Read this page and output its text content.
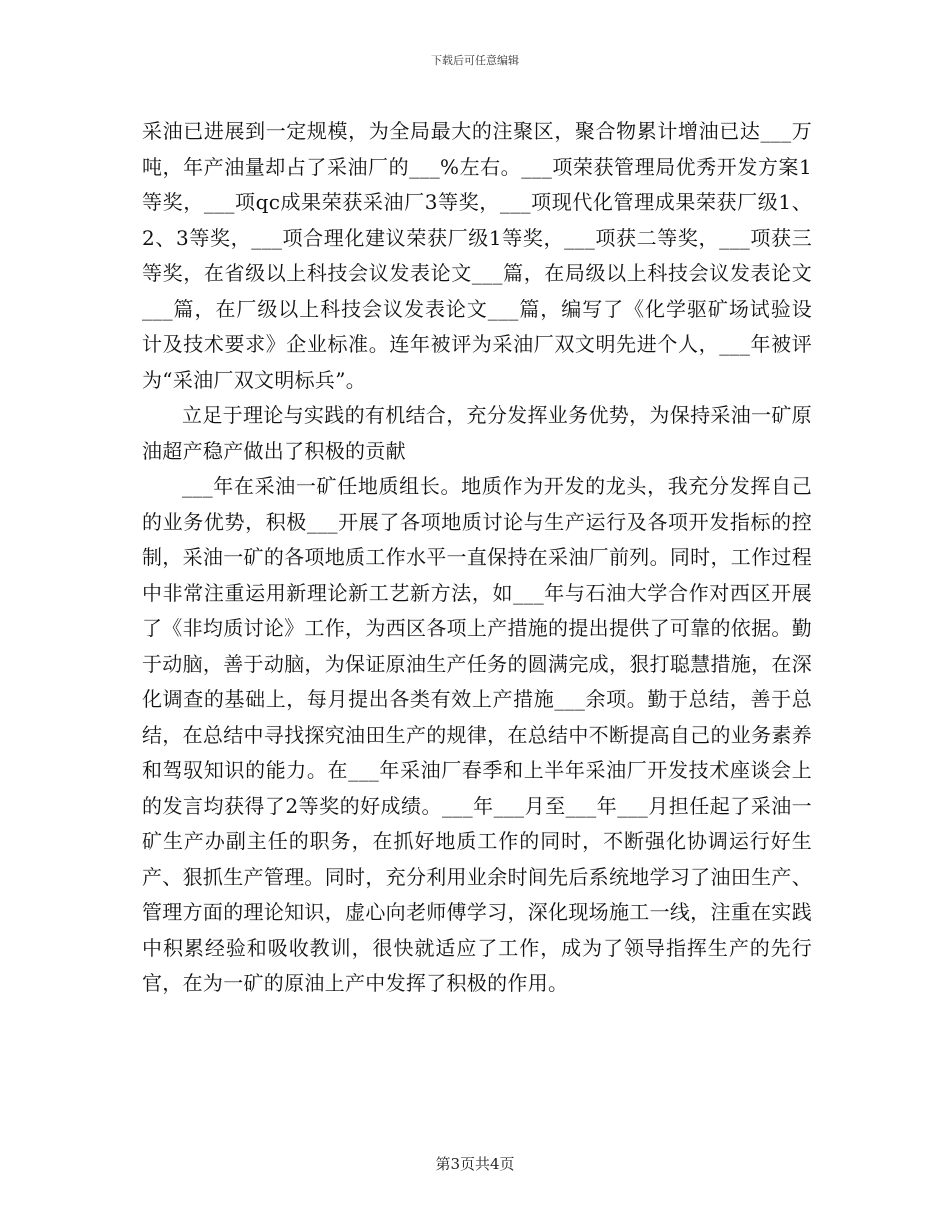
下载后可任意编辑

采油已进展到一定规模，为全局最大的注聚区，聚合物累计增油已达___万吨，年产油量却占了采油厂的___%左右。___项荣获管理局优秀开发方案1等奖，___项qc成果荣获采油厂3等奖，___项现代化管理成果荣获厂级1、2、3等奖，___项合理化建议荣获厂级1等奖，___项获二等奖，___项获三等奖，在省级以上科技会议发表论文___篇，在局级以上科技会议发表论文___篇，在厂级以上科技会议发表论文___篇，编写了《化学驱矿场试验设计及技术要求》企业标准。连年被评为采油厂双文明先进个人，___年被评为“采油厂双文明标兵”。

立足于理论与实践的有机结合，充分发挥业务优势，为保持采油一矿原油超产稳产做出了积极的贡献

___年在采油一矿任地质组长。地质作为开发的龙头，我充分发挥自己的业务优势，积极___开展了各项地质讨论与生产运行及各项开发指标的控制，采油一矿的各项地质工作水平一直保持在采油厂前列。同时，工作过程中非常注重运用新理论新工艺新方法，如___年与石油大学合作对西区开展了《非均质讨论》工作，为西区各项上产措施的提出提供了可靠的依据。勤于动脑，善于动脑，为保证原油生产任务的圆满完成，狠打聪慧措施，在深化调查的基础上，每月提出各类有效上产措施___余项。勤于总结，善于总结，在总结中寻找探究油田生产的规律，在总结中不断提高自己的业务素养和驾驭知识的能力。在___年采油厂春季和上半年采油厂开发技术座谈会上的发言均获得了2等奖的好成绩。___年___月至___年___月担任起了采油一矿生产办副主任的职务，在抓好地质工作的同时，不断强化协调运行好生产、狠抓生产管理。同时，充分利用业余时间先后系统地学习了油田生产、管理方面的理论知识，虚心向老师傅学习，深化现场施工一线，注重在实践中积累经验和吸收教训，很快就适应了工作，成为了领导指挥生产的先行官，在为一矿的原油上产中发挥了积极的作用。

第3页共4页
